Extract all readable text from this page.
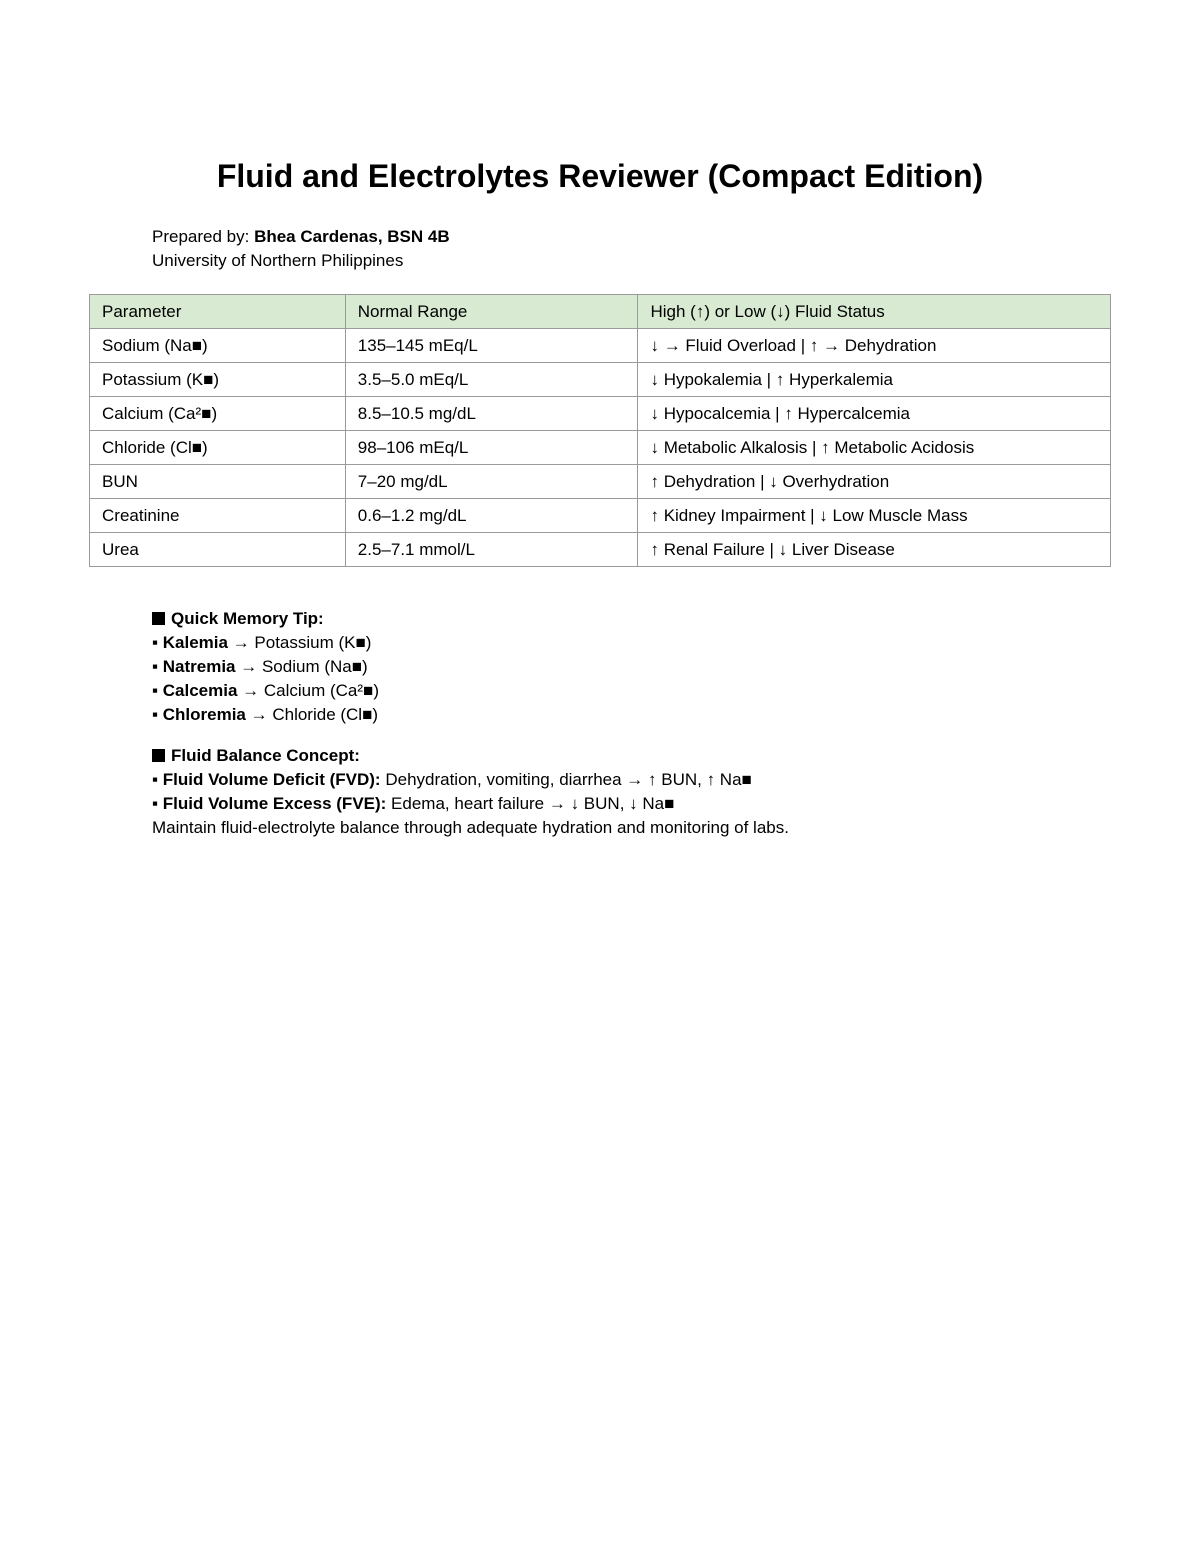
Fluid and Electrolytes Reviewer (Compact Edition)
Prepared by: Bhea Cardenas, BSN 4B
University of Northern Philippines
Parameter	Normal Range	High (↑) or Low (↓) Fluid Status
Sodium (Na■)	135–145 mEq/L	↓ → Fluid Overload | ↑ → Dehydration
Potassium (K■)	3.5–5.0 mEq/L	↓ Hypokalemia | ↑ Hyperkalemia
Calcium (Ca²■)	8.5–10.5 mg/dL	↓ Hypocalcemia | ↑ Hypercalcemia
Chloride (Cl■)	98–106 mEq/L	↓ Metabolic Alkalosis | ↑ Metabolic Acidosis
BUN	7–20 mg/dL	↑ Dehydration | ↓ Overhydration
Creatinine	0.6–1.2 mg/dL	↑ Kidney Impairment | ↓ Low Muscle Mass
Urea	2.5–7.1 mmol/L	↑ Renal Failure | ↓ Liver Disease
Quick Memory Tip:
▪ Kalemia → Potassium (K■)
▪ Natremia → Sodium (Na■)
▪ Calcemia → Calcium (Ca²■)
▪ Chloremia → Chloride (Cl■)
Fluid Balance Concept:
▪ Fluid Volume Deficit (FVD): Dehydration, vomiting, diarrhea → ↑ BUN, ↑ Na■
▪ Fluid Volume Excess (FVE): Edema, heart failure → ↓ BUN, ↓ Na■
Maintain fluid-electrolyte balance through adequate hydration and monitoring of labs.
